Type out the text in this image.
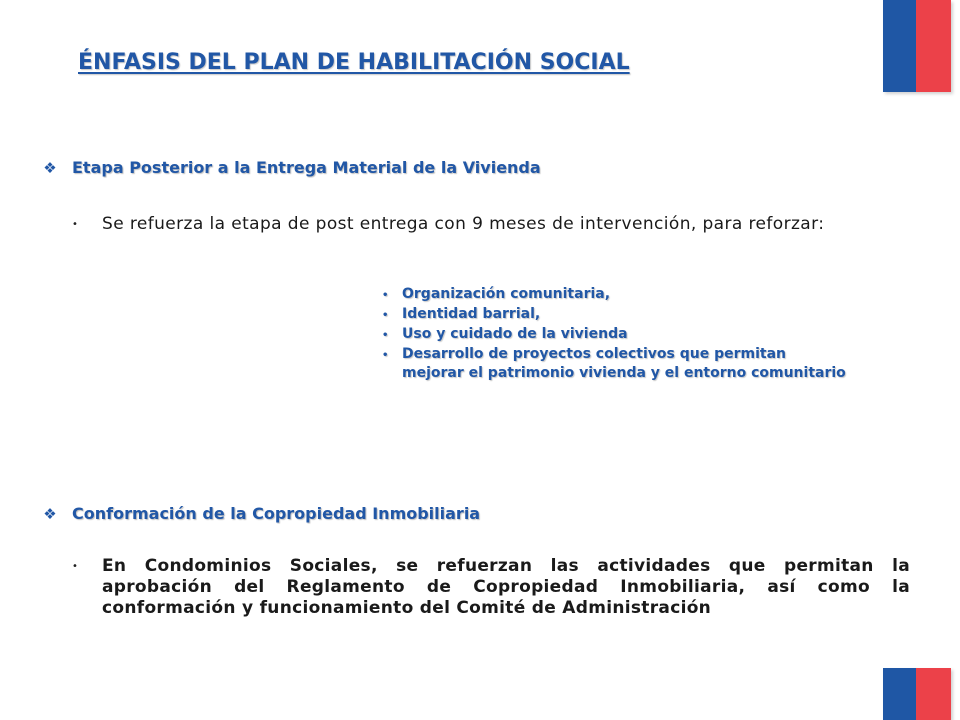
ÉNFASIS DEL PLAN DE HABILITACIÓN SOCIAL
❖ Etapa Posterior a la Entrega Material de la Vivienda
•	Se refuerza la etapa de post entrega con 9 meses de intervención, para reforzar:
• Organización comunitaria,
• Identidad barrial,
• Uso y cuidado de la vivienda
• Desarrollo de proyectos colectivos que permitan mejorar el patrimonio vivienda y el entorno comunitario
❖ Conformación de la Copropiedad Inmobiliaria
•	En Condominios Sociales, se refuerzan las actividades que permitan la aprobación del Reglamento de Copropiedad Inmobiliaria, así como la conformación y funcionamiento del Comité de Administración
